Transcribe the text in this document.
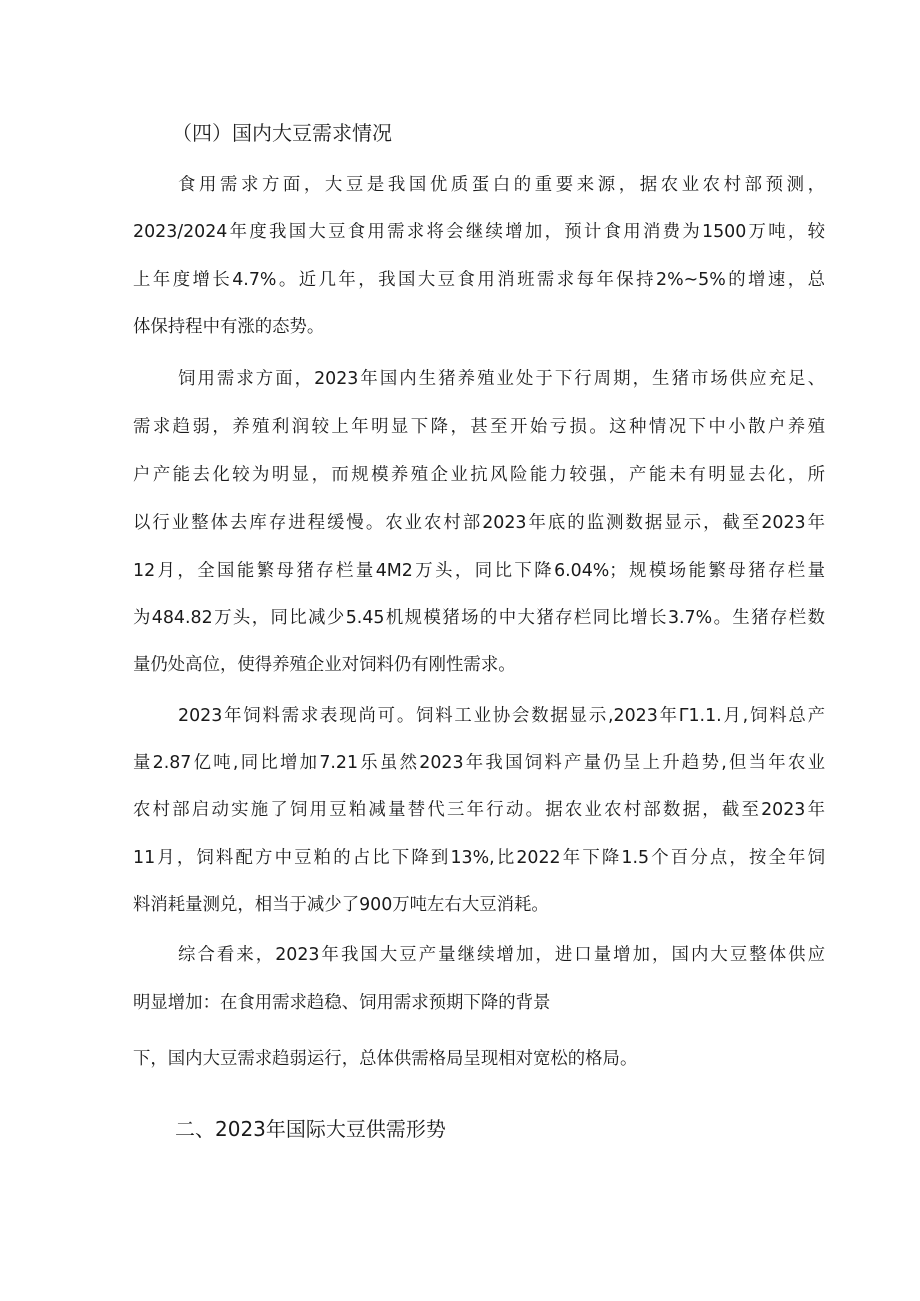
（四）国内大豆需求情况

食用需求方面，大豆是我国优质蛋白的重要来源，据农业农村部预测，

2023/2024年度我国大豆食用需求将会继续增加，预计食用消费为1500万吨，较

上年度增长4.7%。近几年，我国大豆食用消班需求每年保持2%~5%的增速，总

体保持程中有涨的态势。

饲用需求方面，2023年国内生猪养殖业处于下行周期，生猪市场供应充足、

需求趋弱，养殖利润较上年明显下降，甚至开始亏损。这种情况下中小散户养殖

户产能去化较为明显，而规模养殖企业抗风险能力较强，产能未有明显去化，所

以行业整体去库存进程缓慢。农业农村部2023年底的监测数据显示，截至2023年

12月，全国能繁母猪存栏量4M2万头，同比下降6.04%；规模场能繁母猪存栏量

为484.82万头，同比减少5.45机规模猪场的中大猪存栏同比增长3.7%。生猪存栏数

量仍处高位，使得养殖企业对饲料仍有刚性需求。

2023年饲料需求表现尚可。饲料工业协会数据显示,2023年Γ1.1.月,饲料总产

量2.87亿吨,同比增加7.21乐虽然2023年我国饲料产量仍呈上升趋势,但当年农业

农村部启动实施了饲用豆粕减量替代三年行动。据农业农村部数据，截至2023年

11月，饲料配方中豆粕的占比下降到13%,比2022年下降1.5个百分点，按全年饲

料消耗量测兑，相当于减少了900万吨左右大豆消耗。

综合看来，2023年我国大豆产量继续增加，进口量增加，国内大豆整体供应

明显增加：在食用需求趋稳、饲用需求预期下降的背景

下，国内大豆需求趋弱运行，总体供需格局呈现相对宽松的格局。

二、2023年国际大豆供需形势
